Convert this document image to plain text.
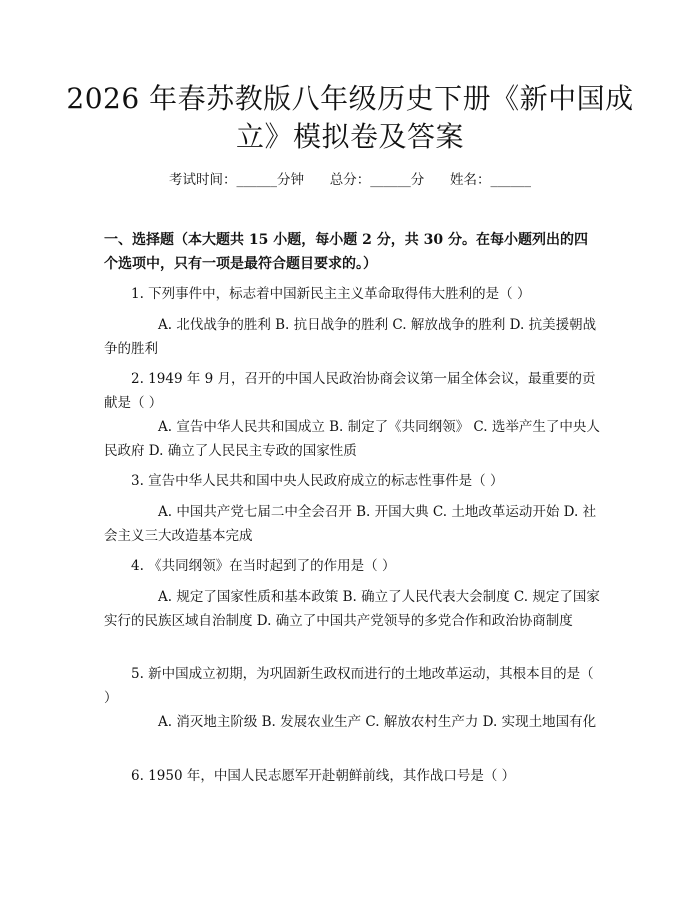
2026 年春苏教版八年级历史下册《新中国成立》模拟卷及答案
考试时间：______分钟      总分：______分      姓名：______
一、选择题（本大题共 15 小题，每小题 2 分，共 30 分。在每小题列出的四个选项中，只有一项是最符合题目要求的。）
1. 下列事件中，标志着中国新民主主义革命取得伟大胜利的是（ ）
A. 北伐战争的胜利 B. 抗日战争的胜利 C. 解放战争的胜利 D. 抗美援朝战争的胜利
2. 1949 年 9 月，召开的中国人民政治协商会议第一届全体会议，最重要的贡献是（ ）
A. 宣告中华人民共和国成立 B. 制定了《共同纲领》 C. 选举产生了中央人民政府 D. 确立了人民民主专政的国家性质
3. 宣告中华人民共和国中央人民政府成立的标志性事件是（ ）
A. 中国共产党七届二中全会召开 B. 开国大典 C. 土地改革运动开始 D. 社会主义三大改造基本完成
4. 《共同纲领》在当时起到了的作用是（ ）
A. 规定了国家性质和基本政策 B. 确立了人民代表大会制度 C. 规定了国家实行的民族区域自治制度 D. 确立了中国共产党领导的多党合作和政治协商制度
5. 新中国成立初期，为巩固新生政权而进行的土地改革运动，其根本目的是（ ）
A. 消灭地主阶级 B. 发展农业生产 C. 解放农村生产力 D. 实现土地国有化
6. 1950 年，中国人民志愿军开赴朝鲜前线，其作战口号是（ ）
